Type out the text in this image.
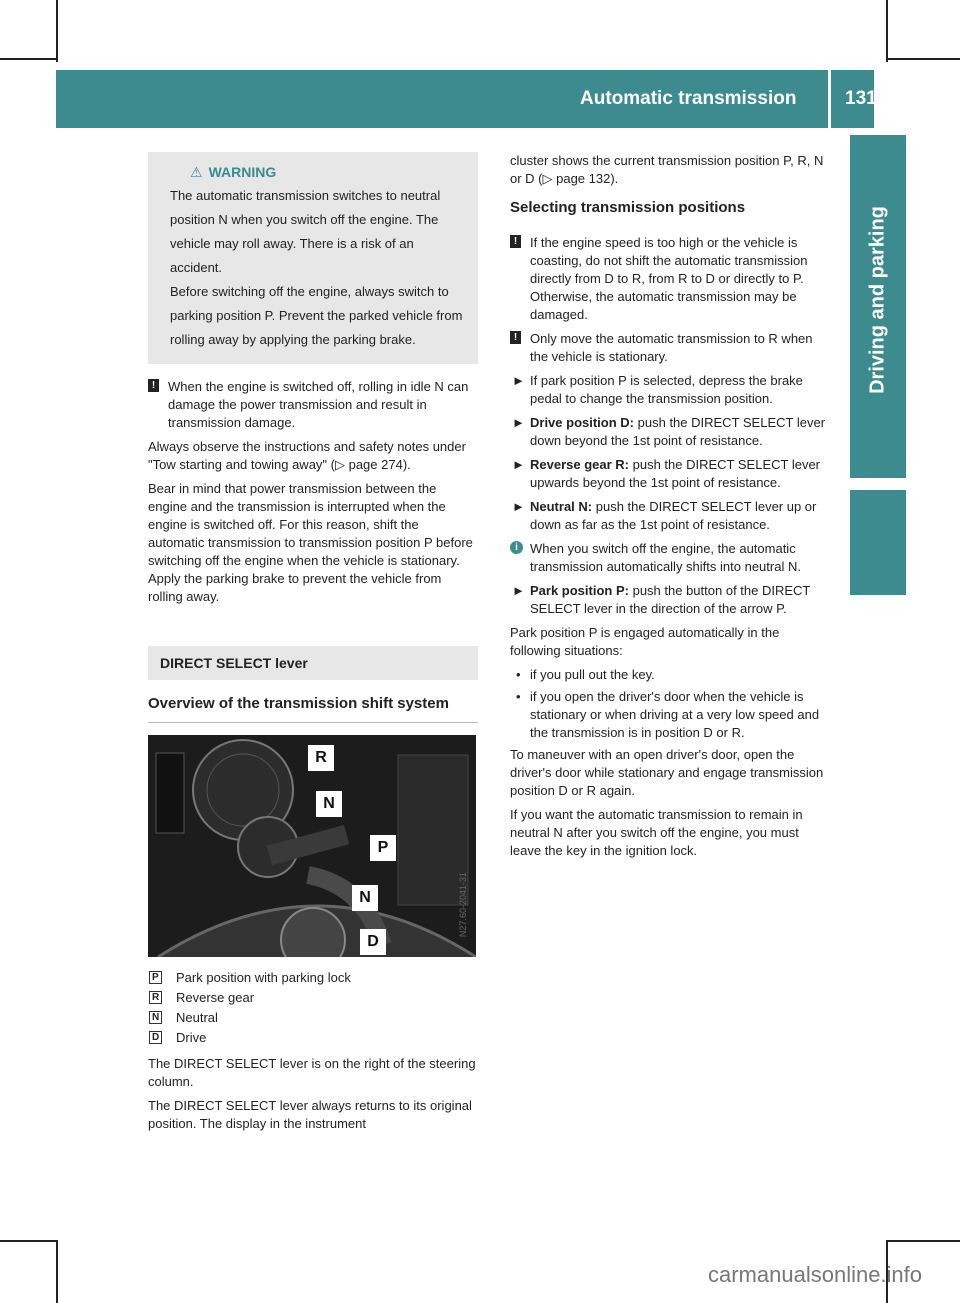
Automatic transmission	131
Driving and parking
⚠ WARNING
The automatic transmission switches to neutral position N when you switch off the engine. The vehicle may roll away. There is a risk of an accident.
Before switching off the engine, always switch to parking position P. Prevent the parked vehicle from rolling away by applying the parking brake.

! When the engine is switched off, rolling in idle N can damage the power transmission and result in transmission damage.

Always observe the instructions and safety notes under "Tow starting and towing away" (▷ page 274).

Bear in mind that power transmission between the engine and the transmission is interrupted when the engine is switched off. For this reason, shift the automatic transmission to transmission position P before switching off the engine when the vehicle is stationary. Apply the parking brake to prevent the vehicle from rolling away.

DIRECT SELECT lever
Overview of the transmission shift system
R
N
P
N
D
N27.60-2041-31
P Park position with parking lock
R Reverse gear
N Neutral
D Drive

The DIRECT SELECT lever is on the right of the steering column.

The DIRECT SELECT lever always returns to its original position. The display in the instrument

cluster shows the current transmission position P, R, N or D (▷ page 132).

Selecting transmission positions

! If the engine speed is too high or the vehicle is coasting, do not shift the automatic transmission directly from D to R, from R to D or directly to P. Otherwise, the automatic transmission may be damaged.

! Only move the automatic transmission to R when the vehicle is stationary.

► If park position P is selected, depress the brake pedal to change the transmission position.
► Drive position D: push the DIRECT SELECT lever down beyond the 1st point of resistance.
► Reverse gear R: push the DIRECT SELECT lever upwards beyond the 1st point of resistance.
► Neutral N: push the DIRECT SELECT lever up or down as far as the 1st point of resistance.

i When you switch off the engine, the automatic transmission automatically shifts into neutral N.

► Park position P: push the button of the DIRECT SELECT lever in the direction of the arrow P.

Park position P is engaged automatically in the following situations:

• if you pull out the key.
• if you open the driver's door when the vehicle is stationary or when driving at a very low speed and the transmission is in position D or R.

To maneuver with an open driver's door, open the driver's door while stationary and engage transmission position D or R again.

If you want the automatic transmission to remain in neutral N after you switch off the engine, you must leave the key in the ignition lock.

carmanualsonline.info
